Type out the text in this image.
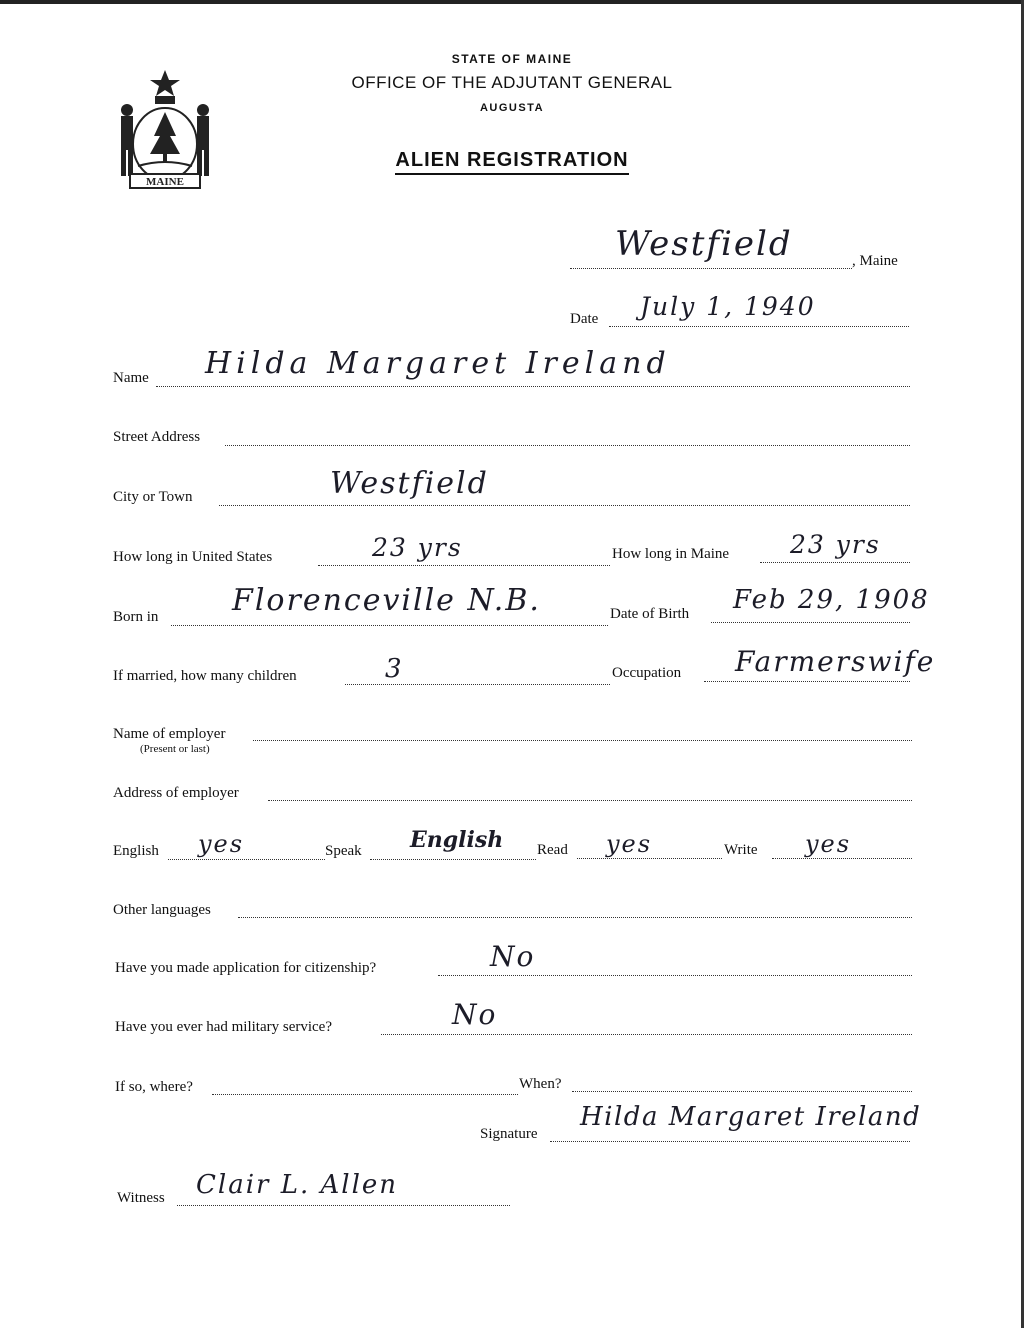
MAINE
STATE OF MAINE
OFFICE OF THE ADJUTANT GENERAL
AUGUSTA
ALIEN REGISTRATION
Westfield	, Maine
Date July 1, 1940
Name Hilda Margaret Ireland
Street Address
City or Town	Westfield
How long in United States	23 yrs	How long in Maine 23 yrs
Born in Florenceville N.B.	Date of Birth Feb 29, 1908
If married, how many children	3	Occupation Farmerswife
Name of employer
(Present or last)
Address of employer
English yes	Speak English Read yes	Write yes
Other languages
Have you made application for citizenship?	No
Have you ever had military service?	No
If so, where?	When?
Signature
Hilda Margaret Ireland
Witness Clair L. Allen
